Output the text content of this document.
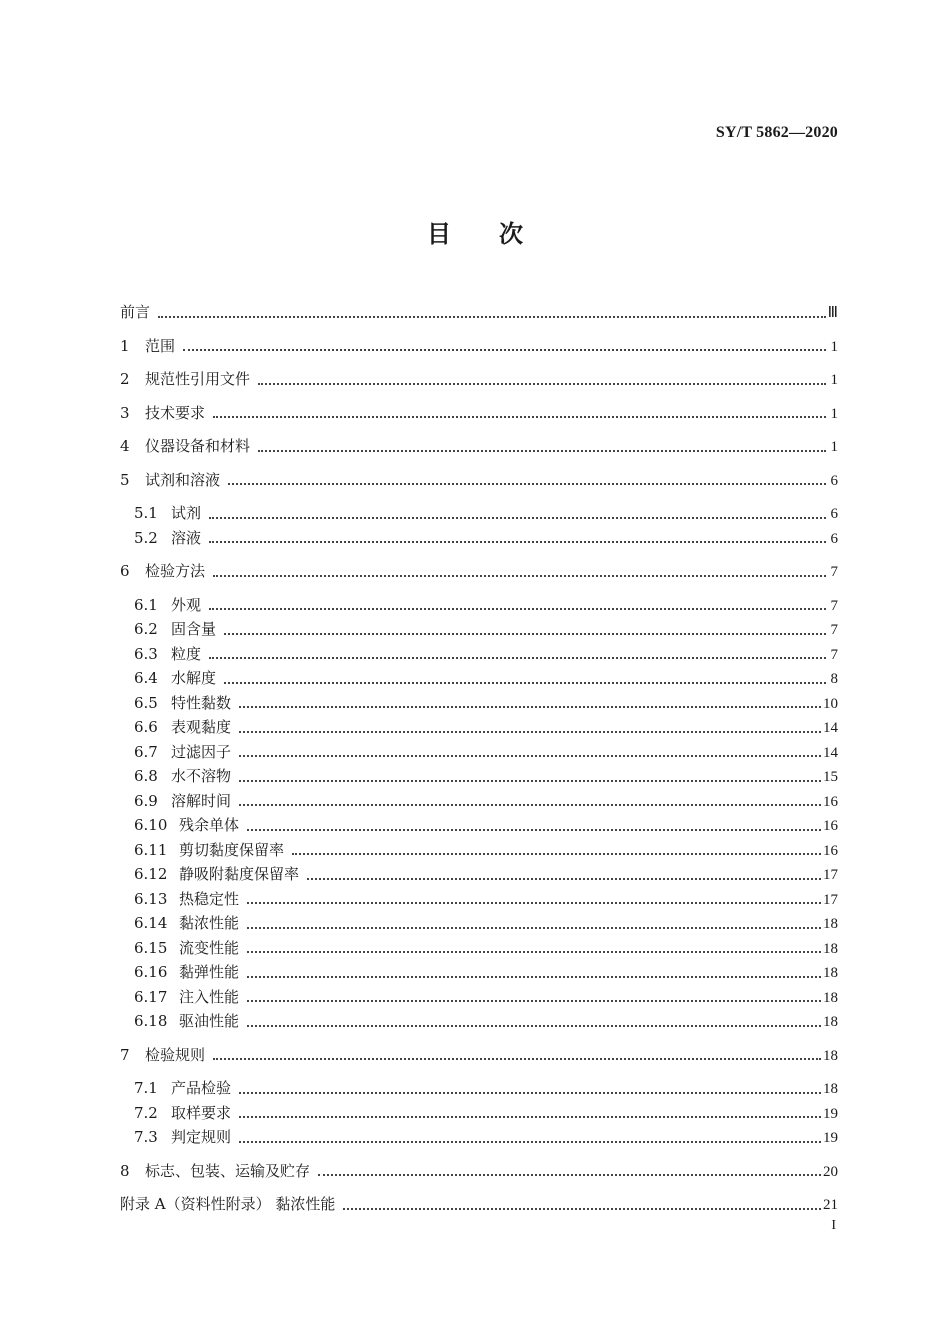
SY/T 5862—2020
目次
前言	Ⅲ
1	范围	1
2	规范性引用文件	1
3	技术要求	1
4	仪器设备和材料	1
5	试剂和溶液	6
5.1 试剂	6
5.2 溶液	6
6	检验方法	7
6.1 外观	7
6.2 固含量	7
6.3 粒度	7
6.4 水解度	8
6.5 特性黏数	10
6.6 表观黏度	14
6.7 过滤因子	14
6.8 水不溶物	15
6.9 溶解时间	16
6.10 残余单体	16
6.11 剪切黏度保留率	16
6.12 静吸附黏度保留率	17
6.13 热稳定性	17
6.14 黏浓性能	18
6.15 流变性能	18
6.16 黏弹性能	18
6.17 注入性能	18
6.18 驱油性能	18
7	检验规则	18
7.1 产品检验	18
7.2 取样要求	19
7.3 判定规则	19
8	标志、包装、运输及贮存	20
附录 A（资料性附录） 黏浓性能	21
I
